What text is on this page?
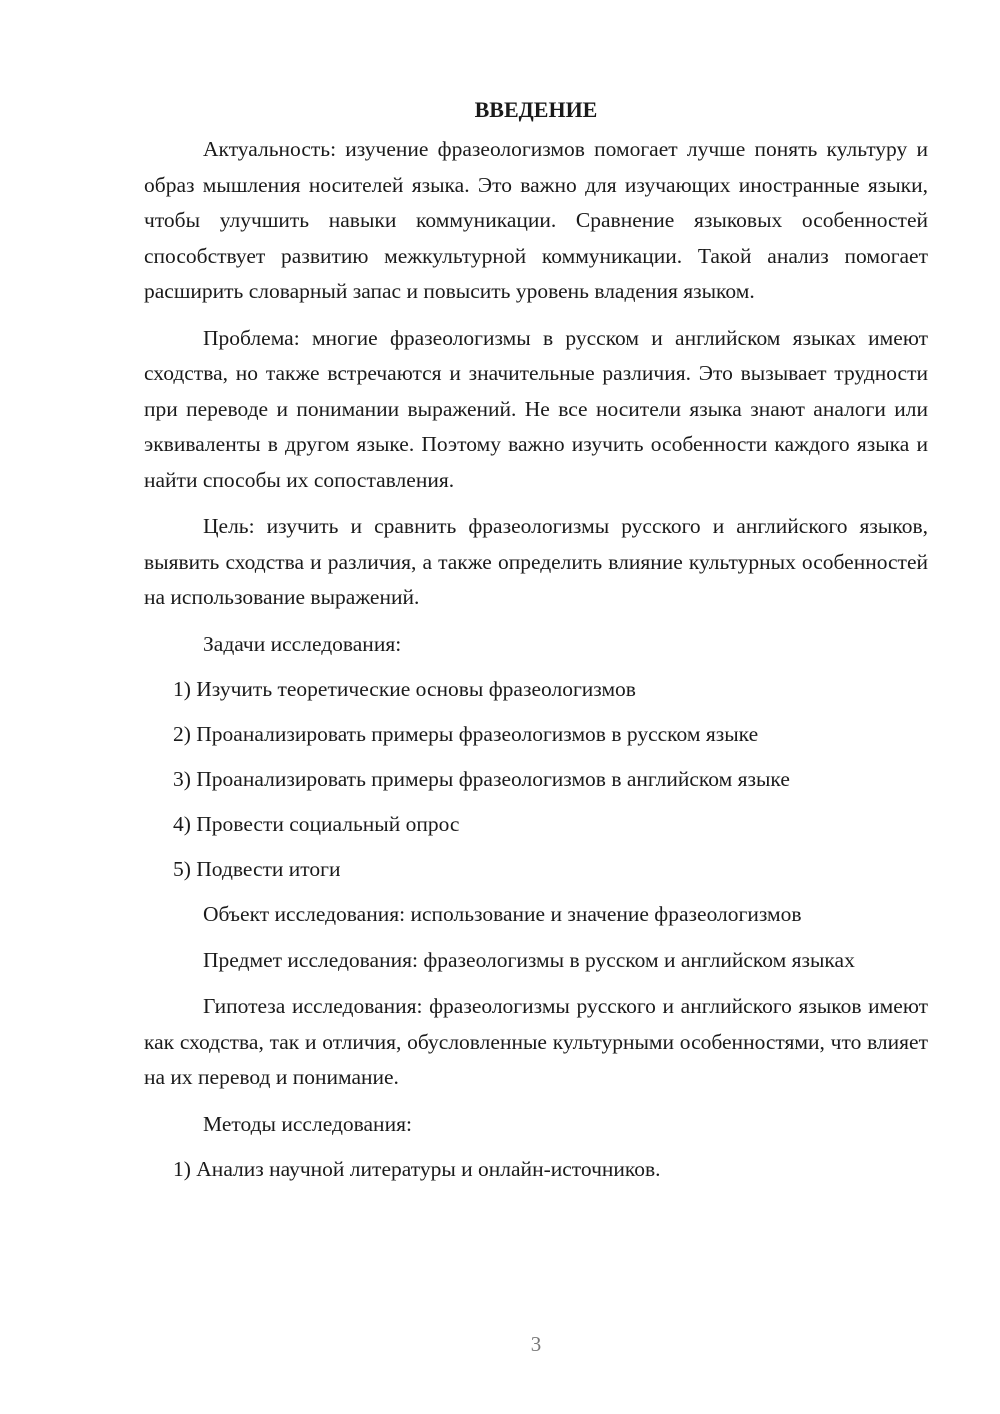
ВВЕДЕНИЕ

Актуальность: изучение фразеологизмов помогает лучше понять культуру и образ мышления носителей языка. Это важно для изучающих иностранные языки, чтобы улучшить навыки коммуникации. Сравнение языковых особенностей способствует развитию межкультурной коммуникации. Такой анализ помогает расширить словарный запас и повысить уровень владения языком.

Проблема: многие фразеологизмы в русском и английском языках имеют сходства, но также встречаются и значительные различия. Это вызывает трудности при переводе и понимании выражений. Не все носители языка знают аналоги или эквиваленты в другом языке. Поэтому важно изучить особенности каждого языка и найти способы их сопоставления.

Цель: изучить и сравнить фразеологизмы русского и английского языков, выявить сходства и различия, а также определить влияние культурных особенностей на использование выражений.

Задачи исследования:
1) Изучить теоретические основы фразеологизмов
2) Проанализировать примеры фразеологизмов в русском языке
3) Проанализировать примеры фразеологизмов в английском языке
4) Провести социальный опрос
5) Подвести итоги
Объект исследования: использование и значение фразеологизмов

Предмет исследования: фразеологизмы в русском и английском языках

Гипотеза исследования: фразеологизмы русского и английского языков имеют как сходства, так и отличия, обусловленные культурными особенностями, что влияет на их перевод и понимание.

Методы исследования:
1) Анализ научной литературы и онлайн-источников.
3
